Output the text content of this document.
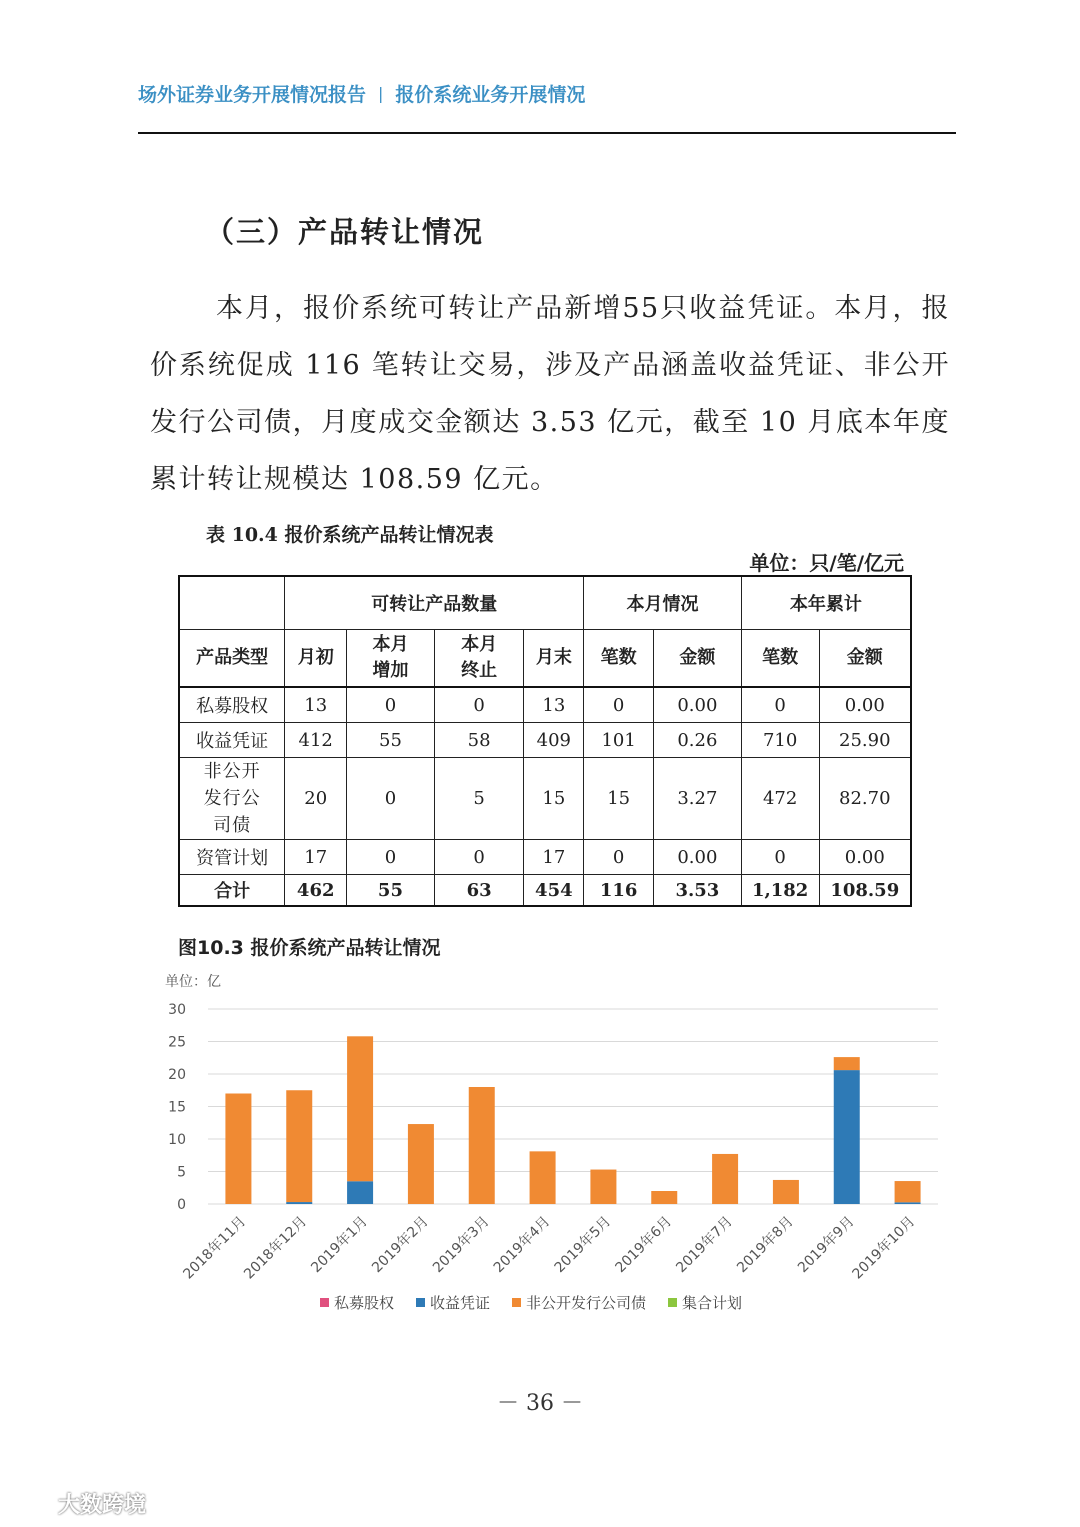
场外证券业务开展情况报告 | 报价系统业务开展情况
（三）产品转让情况
本月，报价系统可转让产品新增55只收益凭证。本月，报价系统促成 116 笔转让交易，涉及产品涵盖收益凭证、非公开发行公司债，月度成交金额达 3.53 亿元，截至 10 月底本年度累计转让规模达 108.59 亿元。
表 10.4 报价系统产品转让情况表
单位：只/笔/亿元
	可转让产品数量				本月情况		本年累计	
产品类型	月初	本月增加	本月终止	月末	笔数	金额	笔数	金额
私募股权	13	0	0	13	0	0.00	0	0.00
收益凭证	412	55	58	409	101	0.26	710	25.90

非公开发行公司债	20	0	5	15	15	3.27	472	82.70
资管计划	17	0	0	17	0	0.00	0	0.00
合计	462	55	63	454	116	3.53	1,182	108.59
图10.3 报价系统产品转让情况
单位：亿
0
5
10
15
20
25
30
2018年11月
2018年12月
2019年1月
2019年2月
2019年3月
2019年4月
2019年5月
2019年6月
2019年7月
2019年8月
2019年9月
2019年10月
私募股权 收益凭证 非公开发行公司债 集合计划
－ 36 －
大数跨境
